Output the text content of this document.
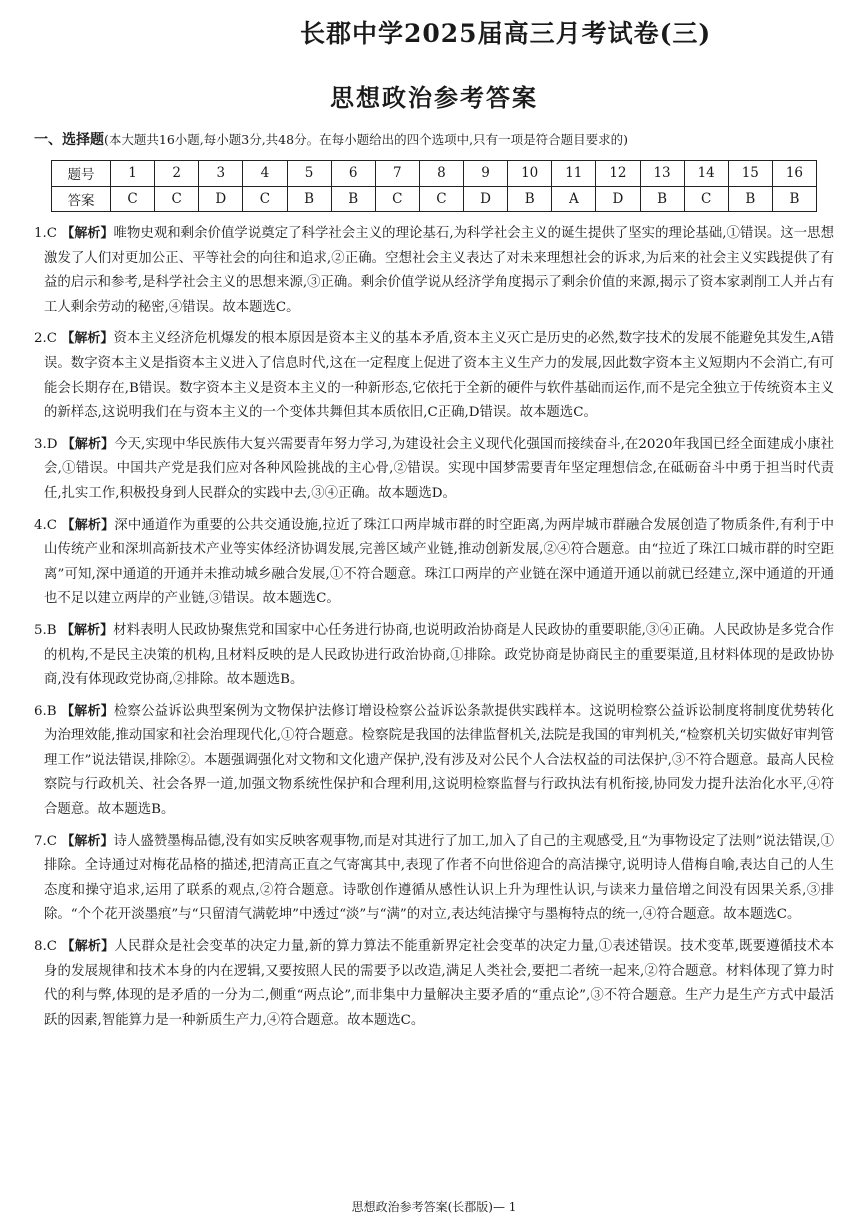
长郡中学2025届高三月考试卷(三)
思想政治参考答案
一、选择题(本大题共16小题,每小题3分,共48分。在每小题给出的四个选项中,只有一项是符合题目要求的)
题号	1	2	3	4	5	6	7	8	9	10	11	12	13	14	15	16
答案	C	C	D	C	B	B	C	C	D	B	A	D	B	C	B	B

1.C 【解析】唯物史观和剩余价值学说奠定了科学社会主义的理论基石,为科学社会主义的诞生提供了坚实的理论基础,①错误。这一思想激发了人们对更加公正、平等社会的向往和追求,②正确。空想社会主义表达了对未来理想社会的诉求,为后来的社会主义实践提供了有益的启示和参考,是科学社会主义的思想来源,③正确。剩余价值学说从经济学角度揭示了剩余价值的来源,揭示了资本家剥削工人并占有工人剩余劳动的秘密,④错误。故本题选C。

2.C 【解析】资本主义经济危机爆发的根本原因是资本主义的基本矛盾,资本主义灭亡是历史的必然,数字技术的发展不能避免其发生,A错误。数字资本主义是指资本主义进入了信息时代,这在一定程度上促进了资本主义生产力的发展,因此数字资本主义短期内不会消亡,有可能会长期存在,B错误。数字资本主义是资本主义的一种新形态,它依托于全新的硬件与软件基础而运作,而不是完全独立于传统资本主义的新样态,这说明我们在与资本主义的一个变体共舞但其本质依旧,C正确,D错误。故本题选C。

3.D 【解析】今天,实现中华民族伟大复兴需要青年努力学习,为建设社会主义现代化强国而接续奋斗,在2020年我国已经全面建成小康社会,①错误。中国共产党是我们应对各种风险挑战的主心骨,②错误。实现中国梦需要青年坚定理想信念,在砥砺奋斗中勇于担当时代责任,扎实工作,积极投身到人民群众的实践中去,③④正确。故本题选D。

4.C 【解析】深中通道作为重要的公共交通设施,拉近了珠江口两岸城市群的时空距离,为两岸城市群融合发展创造了物质条件,有利于中山传统产业和深圳高新技术产业等实体经济协调发展,完善区域产业链,推动创新发展,②④符合题意。由“拉近了珠江口城市群的时空距离”可知,深中通道的开通并未推动城乡融合发展,①不符合题意。珠江口两岸的产业链在深中通道开通以前就已经建立,深中通道的开通也不足以建立两岸的产业链,③错误。故本题选C。

5.B 【解析】材料表明人民政协聚焦党和国家中心任务进行协商,也说明政治协商是人民政协的重要职能,③④正确。人民政协是多党合作的机构,不是民主决策的机构,且材料反映的是人民政协进行政治协商,①排除。政党协商是协商民主的重要渠道,且材料体现的是政协协商,没有体现政党协商,②排除。故本题选B。

6.B 【解析】检察公益诉讼典型案例为文物保护法修订增设检察公益诉讼条款提供实践样本。这说明检察公益诉讼制度将制度优势转化为治理效能,推动国家和社会治理现代化,①符合题意。检察院是我国的法律监督机关,法院是我国的审判机关,“检察机关切实做好审判管理工作”说法错误,排除②。本题强调强化对文物和文化遗产保护,没有涉及对公民个人合法权益的司法保护,③不符合题意。最高人民检察院与行政机关、社会各界一道,加强文物系统性保护和合理利用,这说明检察监督与行政执法有机衔接,协同发力提升法治化水平,④符合题意。故本题选B。

7.C 【解析】诗人盛赞墨梅品德,没有如实反映客观事物,而是对其进行了加工,加入了自己的主观感受,且“为事物设定了法则”说法错误,①排除。全诗通过对梅花品格的描述,把清高正直之气寄寓其中,表现了作者不向世俗迎合的高洁操守,说明诗人借梅自喻,表达自己的人生态度和操守追求,运用了联系的观点,②符合题意。诗歌创作遵循从感性认识上升为理性认识,与读来力量倍增之间没有因果关系,③排除。“个个花开淡墨痕”与“只留清气满乾坤”中透过“淡”与“满”的对立,表达纯洁操守与墨梅特点的统一,④符合题意。故本题选C。

8.C 【解析】人民群众是社会变革的决定力量,新的算力算法不能重新界定社会变革的决定力量,①表述错误。技术变革,既要遵循技术本身的发展规律和技术本身的内在逻辑,又要按照人民的需要予以改造,满足人类社会,要把二者统一起来,②符合题意。材料体现了算力时代的利与弊,体现的是矛盾的一分为二,侧重“两点论”,而非集中力量解决主要矛盾的“重点论”,③不符合题意。生产力是生产方式中最活跃的因素,智能算力是一种新质生产力,④符合题意。故本题选C。

思想政治参考答案(长郡版)— 1
